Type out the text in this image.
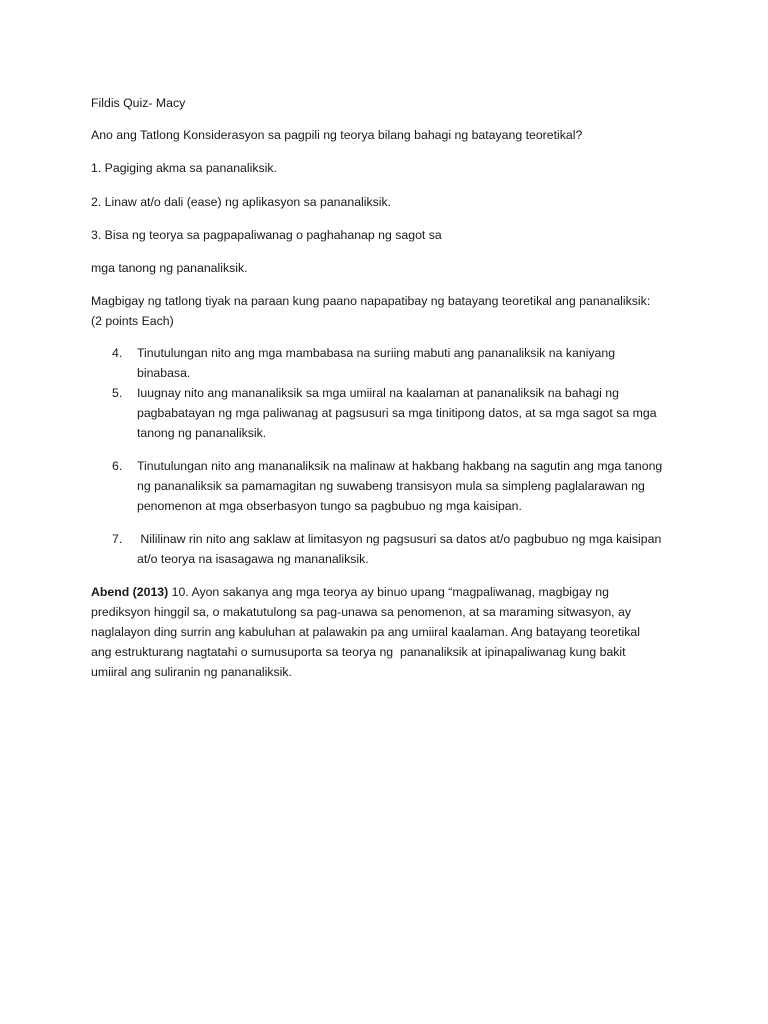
Fildis Quiz- Macy

Ano ang Tatlong Konsiderasyon sa pagpili ng teorya bilang bahagi ng batayang teoretikal?

1. Pagiging akma sa pananaliksik.

2. Linaw at/o dali (ease) ng aplikasyon sa pananaliksik.

3. Bisa ng teorya sa pagpapaliwanag o paghahanap ng sagot sa

mga tanong ng pananaliksik.

Magbigay ng tatlong tiyak na paraan kung paano napapatibay ng batayang teoretikal ang pananaliksik:

(2 points Each)

4. Tinutulungan nito ang mga mambabasa na suriing mabuti ang pananaliksik na kaniyang
binabasa.
5. Iuugnay nito ang mananaliksik sa mga umiiral na kaalaman at pananaliksik na bahagi ng
pagbabatayan ng mga paliwanag at pagsusuri sa mga tinitipong datos, at sa mga sagot sa mga
tanong ng pananaliksik.
6. Tinutulungan nito ang mananaliksik na malinaw at hakbang hakbang na sagutin ang mga tanong
ng pananaliksik sa pamamagitan ng suwabeng transisyon mula sa simpleng paglalarawan ng
penomenon at mga obserbasyon tungo sa pagbubuo ng mga kaisipan.
7. Nililinaw rin nito ang saklaw at limitasyon ng pagsusuri sa datos at/o pagbubuo ng mga kaisipan
at/o teorya na isasagawa ng mananaliksik.
Abend (2013) 10. Ayon sakanya ang mga teorya ay binuo upang “magpaliwanag, magbigay ng
prediksyon hinggil sa, o makatutulong sa pag-unawa sa penomenon, at sa maraming sitwasyon, ay
naglalayon ding surrin ang kabuluhan at palawakin pa ang umiiral kaalaman. Ang batayang teoretikal
ang estrukturang nagtatahi o sumusuporta sa teorya ng  pananaliksik at ipinapaliwanag kung bakit
umiiral ang suliranin ng pananaliksik.
